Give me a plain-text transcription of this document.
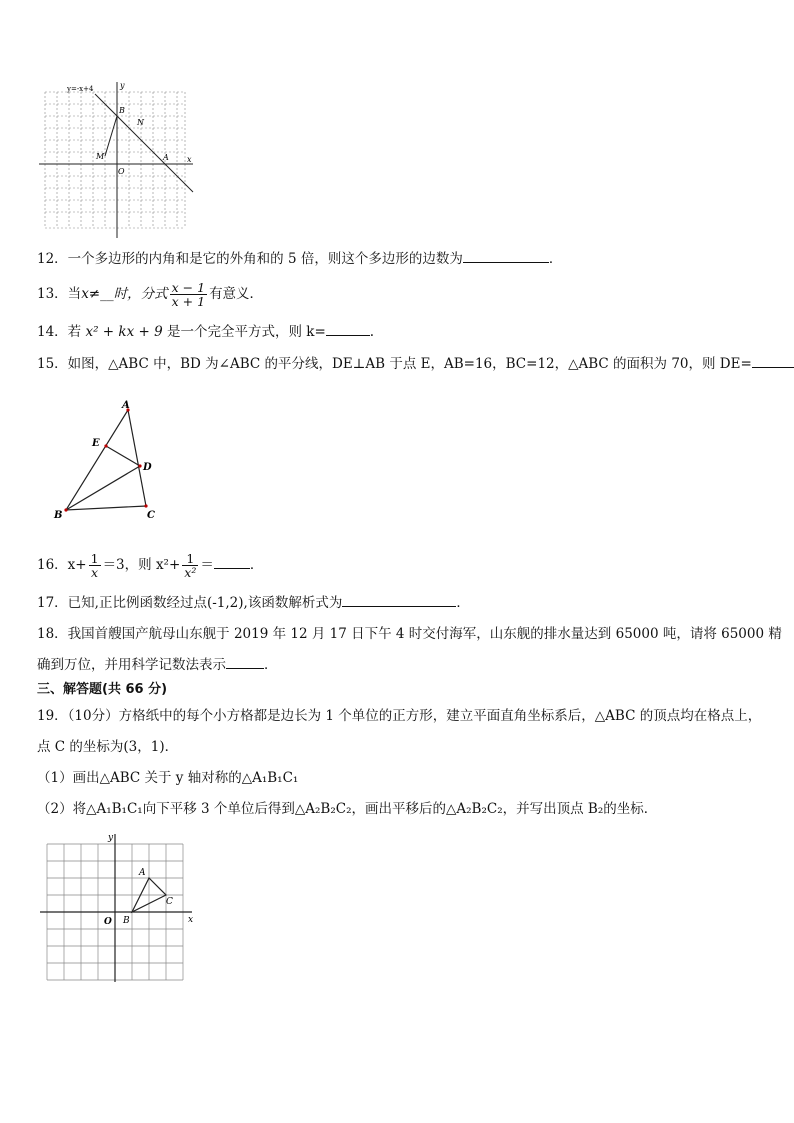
y=-x+4	y
x
O
B
N
M	A
12．一个多边形的内角和是它的外角和的 5 倍，则这个多边形的边数为	．
13．当x≠__时，分式 $\frac{x - 1}{x + 1}$ 有意义．
14．若 x² + kx + 9 是一个完全平方式，则 k=	.
15．如图，△ABC 中，BD 为∠ABC 的平分线，DE⊥AB 于点 E，AB=16，BC=12，△ABC 的面积为 70，则 DE=
A
E
D
B	C
16．$x+ \frac{1}{x} =3$，则 $x^2+ \frac{1}{\text{x²}}$ ＝	．
17．已知,正比例函数经过点(-1,2),该函数解析式为	．
18．我国首艘国产航母山东舰于 2019 年 12 月 17 日下午 4 时交付海军，山东舰的排水量达到 65000 吨，请将 65000 精
确到万位，并用科学记数法表示	．
三、解答题(共 66 分)
19．（10分）方格纸中的每个小方格都是边长为 1 个单位的正方形，建立平面直角坐标系后，△ABC 的顶点均在格点上，
点 C 的坐标为(3，1)．
（1）画出△ABC 关于 y 轴对称的△A₁B₁C₁
（2）将△A₁B₁C₁向下平移 3 个单位后得到△A₂B₂C₂，画出平移后的△A₂B₂C₂，并写出顶点 B₂的坐标．
y
x
O
A
B
C
